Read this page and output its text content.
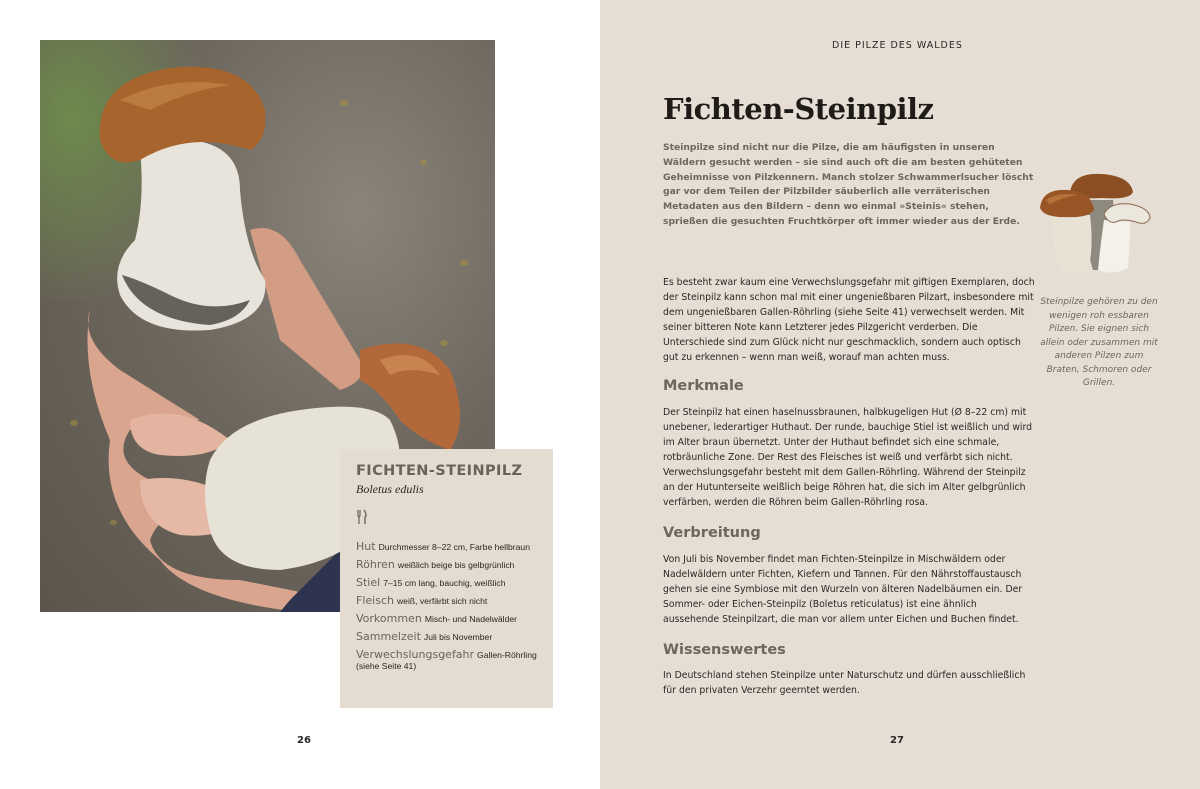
FICHTEN-STEINPILZ
Boletus edulis
Hut Durchmesser 8–22 cm, Farbe hellbraun
Röhren weißlich beige bis gelbgrünlich
Stiel 7–15 cm lang, bauchig, weißlich
Fleisch weiß, verfärbt sich nicht
Vorkommen Misch- und Nadelwälder
Sammelzeit Juli bis November
Verwechslungsgefahr Gallen-Röhrling (siehe Seite 41)
26
DIE PILZE DES WALDES
Fichten-Steinpilz

Steinpilze sind nicht nur die Pilze, die am häufigsten in unseren Wäldern gesucht werden – sie sind auch oft die am besten gehüteten Geheimnisse von Pilzkennern. Manch stolzer Schwammerlsucher löscht gar vor dem Teilen der Pilzbilder säuberlich alle verräterischen Metadaten aus den Bildern – denn wo einmal »Steinis« stehen, sprießen die gesuchten Fruchtkörper oft immer wieder aus der Erde.

Es besteht zwar kaum eine Verwechslungsgefahr mit giftigen Exemplaren, doch der Steinpilz kann schon mal mit einer ungenießbaren Pilzart, insbesondere mit dem ungenießbaren Gallen-Röhrling (siehe Seite 41) verwechselt werden. Mit seiner bitteren Note kann Letzterer jedes Pilzgericht verderben. Die Unterschiede sind zum Glück nicht nur geschmacklich, sondern auch optisch gut zu erkennen – wenn man weiß, worauf man achten muss.

Merkmale

Der Steinpilz hat einen haselnussbraunen, halbkugeligen Hut (Ø 8–22 cm) mit unebener, lederartiger Huthaut. Der runde, bauchige Stiel ist weißlich und wird im Alter braun übernetzt. Unter der Huthaut befindet sich eine schmale, rotbräunliche Zone. Der Rest des Fleisches ist weiß und verfärbt sich nicht. Verwechslungsgefahr besteht mit dem Gallen-Röhrling. Während der Steinpilz an der Hutunterseite weißlich beige Röhren hat, die sich im Alter gelbgrünlich verfärben, werden die Röhren beim Gallen-Röhrling rosa.

Verbreitung

Von Juli bis November findet man Fichten-Steinpilze in Mischwäldern oder Nadelwäldern unter Fichten, Kiefern und Tannen. Für den Nährstoffaustausch gehen sie eine Symbiose mit den Wurzeln von älteren Nadelbäumen ein. Der Sommer- oder Eichen-Steinpilz (Boletus reticulatus) ist eine ähnlich aussehende Steinpilzart, die man vor allem unter Eichen und Buchen findet.

Wissenswertes

In Deutschland stehen Steinpilze unter Naturschutz und dürfen ausschließlich für den privaten Verzehr geerntet werden.

Steinpilze gehören zu den wenigen roh essbaren Pilzen. Sie eignen sich allein oder zusammen mit anderen Pilzen zum Braten, Schmoren oder Grillen.

27
